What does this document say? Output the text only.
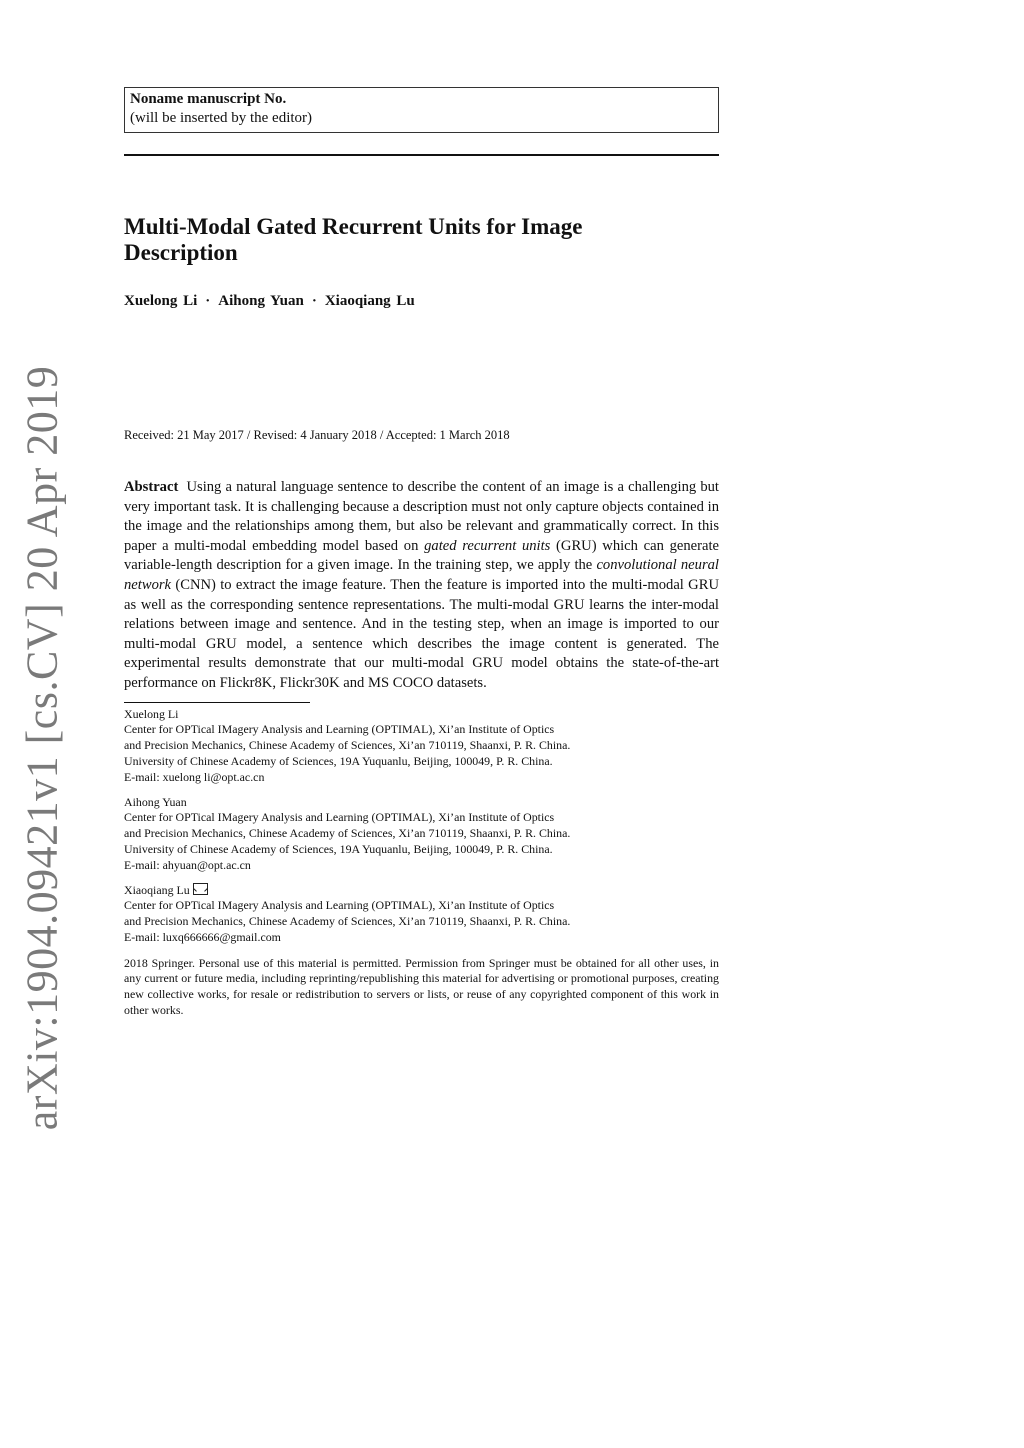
arXiv:1904.09421v1 [cs.CV] 20 Apr 2019
Noname manuscript No.
(will be inserted by the editor)
Multi-Modal Gated Recurrent Units for Image Description
Xuelong Li · Aihong Yuan · Xiaoqiang Lu
Received: 21 May 2017 / Revised: 4 January 2018 / Accepted: 1 March 2018
Abstract Using a natural language sentence to describe the content of an image is a challenging but very important task. It is challenging because a description must not only capture objects contained in the image and the relationships among them, but also be relevant and grammatically correct. In this paper a multi-modal embedding model based on gated recurrent units (GRU) which can generate variable-length description for a given image. In the training step, we apply the convolutional neural network (CNN) to extract the image feature. Then the feature is imported into the multi-modal GRU as well as the corresponding sentence representations. The multi-modal GRU learns the inter-modal relations between image and sentence. And in the testing step, when an image is imported to our multi-modal GRU model, a sentence which describes the image content is generated. The experimental results demonstrate that our multi-modal GRU model obtains the state-of-the-art performance on Flickr8K, Flickr30K and MS COCO datasets.
Xuelong Li
Center for OPTical IMagery Analysis and Learning (OPTIMAL), Xi’an Institute of Optics
and Precision Mechanics, Chinese Academy of Sciences, Xi’an 710119, Shaanxi, P. R. China.
University of Chinese Academy of Sciences, 19A Yuquanlu, Beijing, 100049, P. R. China.
E-mail: xuelong li@opt.ac.cn
Aihong Yuan
Center for OPTical IMagery Analysis and Learning (OPTIMAL), Xi’an Institute of Optics
and Precision Mechanics, Chinese Academy of Sciences, Xi’an 710119, Shaanxi, P. R. China.
University of Chinese Academy of Sciences, 19A Yuquanlu, Beijing, 100049, P. R. China.
E-mail: ahyuan@opt.ac.cn
Xiaoqiang Lu
Center for OPTical IMagery Analysis and Learning (OPTIMAL), Xi’an Institute of Optics
and Precision Mechanics, Chinese Academy of Sciences, Xi’an 710119, Shaanxi, P. R. China.
E-mail: luxq666666@gmail.com
2018 Springer. Personal use of this material is permitted. Permission from Springer must be obtained for all other uses, in any current or future media, including reprinting/republishing this material for advertising or promotional purposes, creating new collective works, for resale or redistribution to servers or lists, or reuse of any copyrighted component of this work in other works.
